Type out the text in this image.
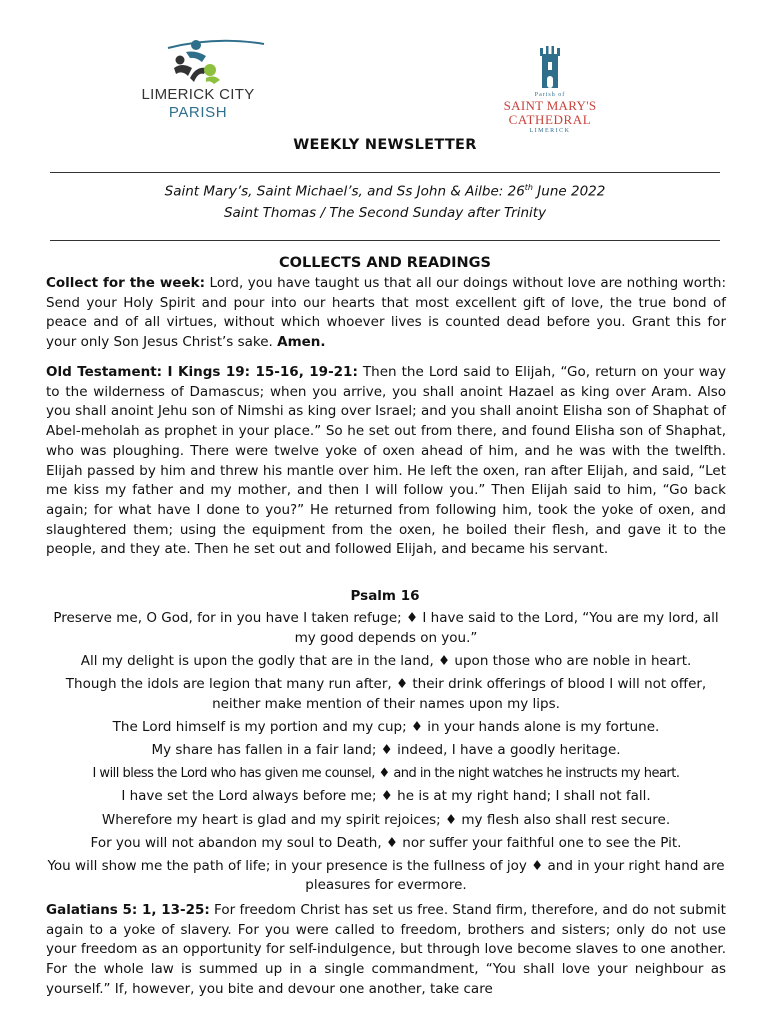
LIMERICK CITY
PARISH
Parish of
SAINT MARY'S
CATHEDRAL
LIMERICK
WEEKLY NEWSLETTER
Saint Mary’s, Saint Michael’s, and Ss John & Ailbe: 26th June 2022
Saint Thomas / The Second Sunday after Trinity
COLLECTS AND READINGS
Collect for the week: Lord, you have taught us that all our doings without love are nothing worth: Send your Holy Spirit and pour into our hearts that most excellent gift of love, the true bond of peace and of all virtues, without which whoever lives is counted dead before you. Grant this for your only Son Jesus Christ’s sake. Amen.
Old Testament: I Kings 19: 15-16, 19-21: Then the Lord said to Elijah, “Go, return on your way to the wilderness of Damascus; when you arrive, you shall anoint Hazael as king over Aram. Also you shall anoint Jehu son of Nimshi as king over Israel; and you shall anoint Elisha son of Shaphat of Abel-meholah as prophet in your place.” So he set out from there, and found Elisha son of Shaphat, who was ploughing. There were twelve yoke of oxen ahead of him, and he was with the twelfth. Elijah passed by him and threw his mantle over him. He left the oxen, ran after Elijah, and said, “Let me kiss my father and my mother, and then I will follow you.” Then Elijah said to him, “Go back again; for what have I done to you?” He returned from following him, took the yoke of oxen, and slaughtered them; using the equipment from the oxen, he boiled their flesh, and gave it to the people, and they ate. Then he set out and followed Elijah, and became his servant.
Psalm 16

Preserve me, O God, for in you have I taken refuge; ♦ I have said to the Lord, “You are my lord, all my good depends on you.”

All my delight is upon the godly that are in the land, ♦ upon those who are noble in heart.

Though the idols are legion that many run after, ♦ their drink offerings of blood I will not offer, neither make mention of their names upon my lips.

The Lord himself is my portion and my cup; ♦ in your hands alone is my fortune.

My share has fallen in a fair land; ♦ indeed, I have a goodly heritage.

I will bless the Lord who has given me counsel, ♦ and in the night watches he instructs my heart.

I have set the Lord always before me; ♦ he is at my right hand; I shall not fall.

Wherefore my heart is glad and my spirit rejoices; ♦ my flesh also shall rest secure.

For you will not abandon my soul to Death, ♦ nor suffer your faithful one to see the Pit.

You will show me the path of life; in your presence is the fullness of joy ♦ and in your right hand are pleasures for evermore.

Galatians 5: 1, 13-25: For freedom Christ has set us free. Stand firm, therefore, and do not submit again to a yoke of slavery. For you were called to freedom, brothers and sisters; only do not use your freedom as an opportunity for self-indulgence, but through love become slaves to one another. For the whole law is summed up in a single commandment, “You shall love your neighbour as yourself.” If, however, you bite and devour one another, take care
